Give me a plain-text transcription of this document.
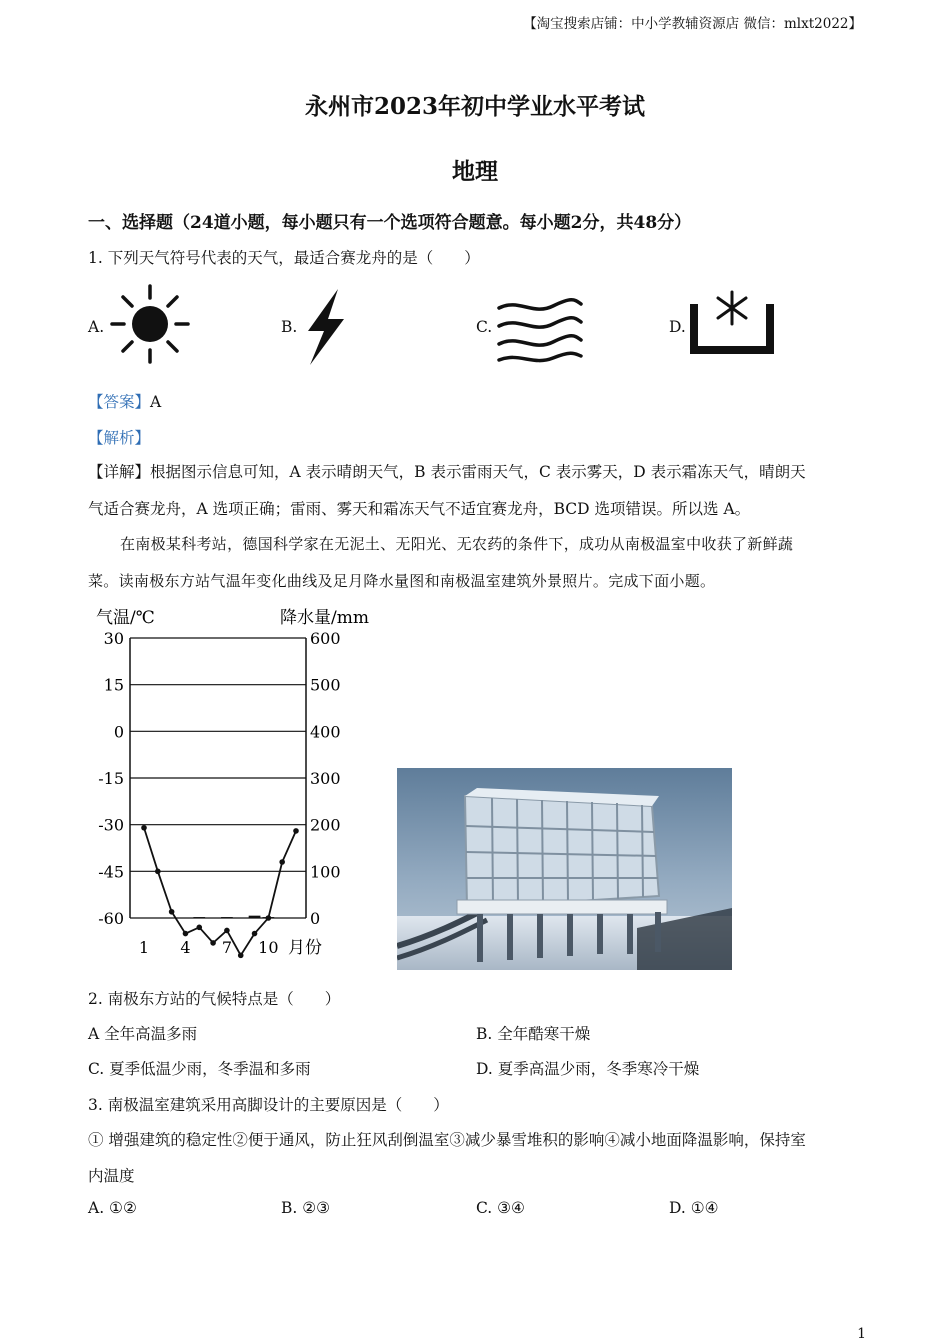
【淘宝搜索店铺：中小学教辅资源店 微信：mlxt2022】
永州市2023年初中学业水平考试
地理
一、选择题（24道小题，每小题只有一个选项符合题意。每小题2分，共48分）
1. 下列天气符号代表的天气，最适合赛龙舟的是（　　）
A.	B.	C.	D.
【答案】A
【解析】
【详解】根据图示信息可知，A 表示晴朗天气，B 表示雷雨天气，C 表示雾天，D 表示霜冻天气，晴朗天
气适合赛龙舟，A 选项正确；雷雨、雾天和霜冻天气不适宜赛龙舟，BCD 选项错误。所以选 A。
在南极某科考站，德国科学家在无泥土、无阳光、无农药的条件下，成功从南极温室中收获了新鲜蔬
菜。读南极东方站气温年变化曲线及足月降水量图和南极温室建筑外景照片。完成下面小题。
气温/℃	降水量/mm
30	600
15	500
0	400
-15	300
-30	200
-45	100
-60	0
1 4 7 10 月份
2. 南极东方站的气候特点是（　　）
A 全年高温多雨	B. 全年酷寒干燥
C. 夏季低温少雨，冬季温和多雨	D. 夏季高温少雨，冬季寒冷干燥
3. 南极温室建筑采用高脚设计的主要原因是（　　）
① 增强建筑的稳定性②便于通风，防止狂风刮倒温室③减少暴雪堆积的影响④减小地面降温影响，保持室
内温度
A. ①②	B. ②③	C. ③④	D. ①④
1
